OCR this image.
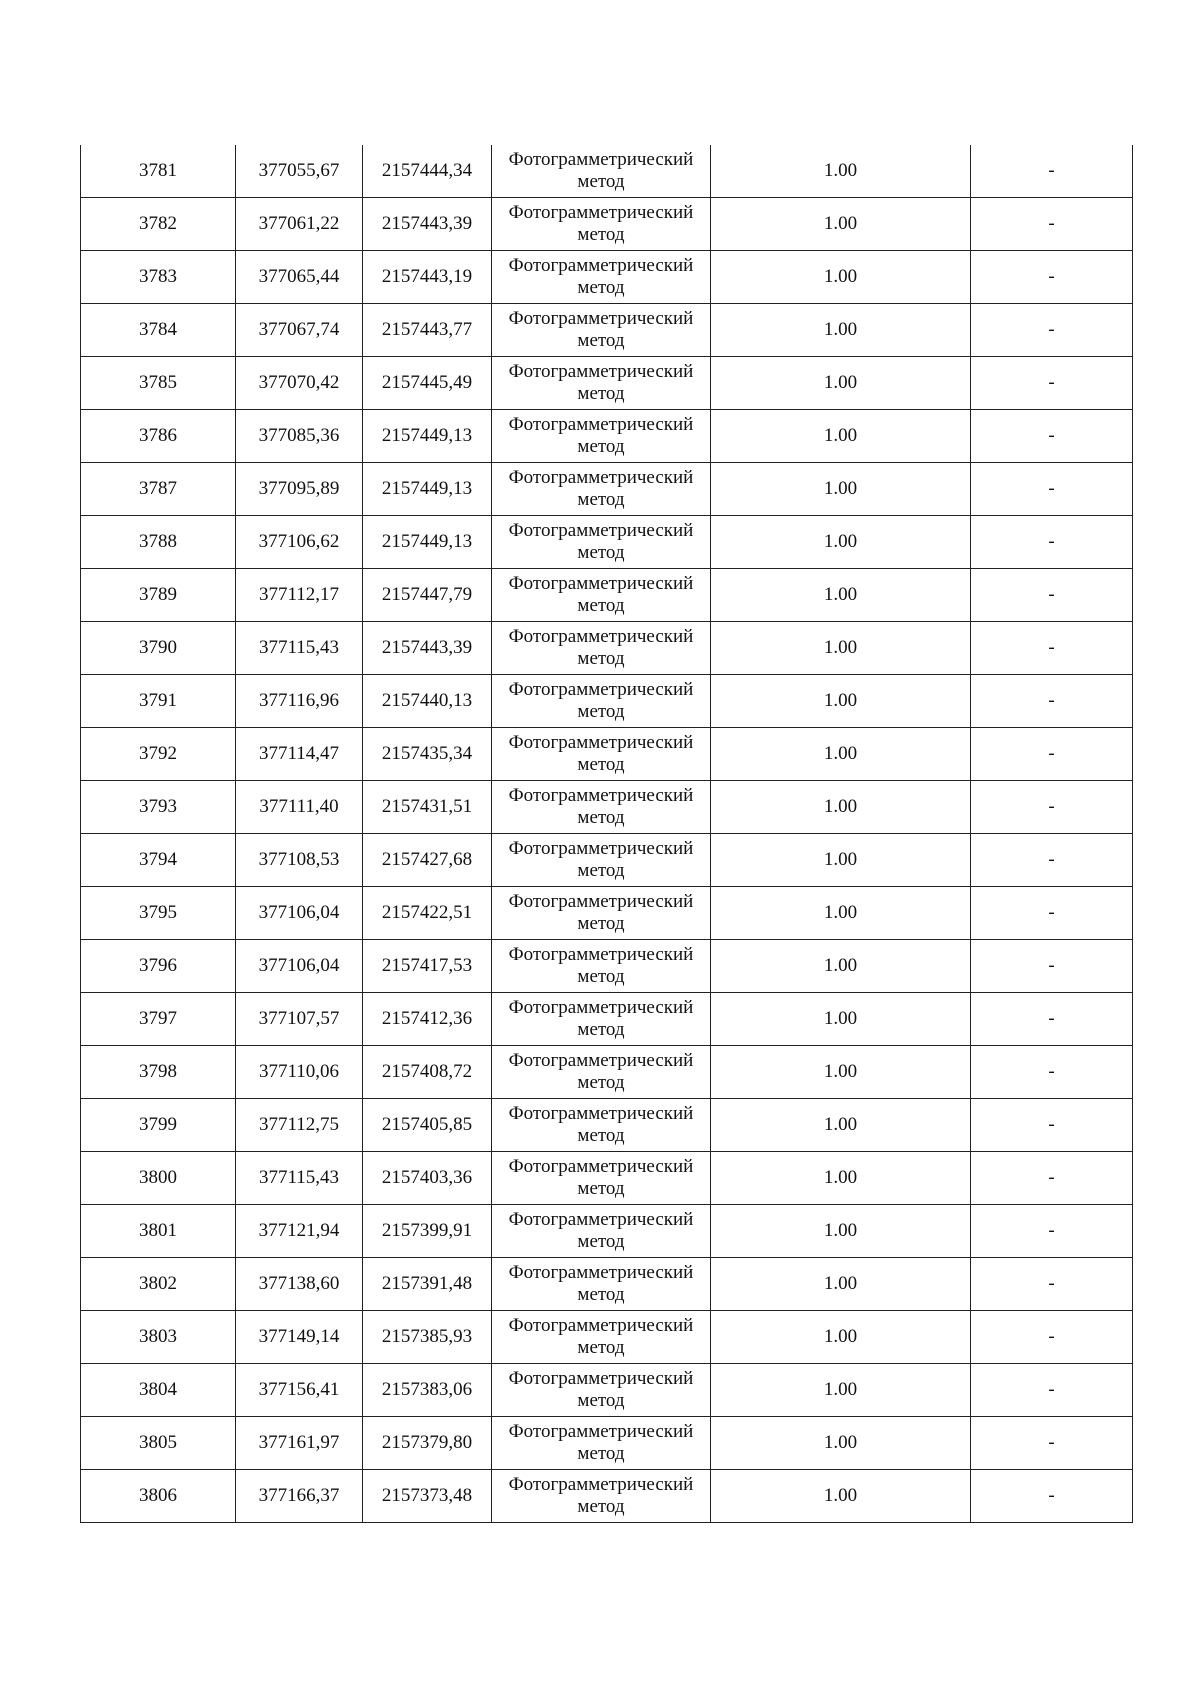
3781	377055,67	2157444,34	Фотограмметрический метод	1.00	-
3782	377061,22	2157443,39	Фотограмметрический метод	1.00	-
3783	377065,44	2157443,19	Фотограмметрический метод	1.00	-
3784	377067,74	2157443,77	Фотограмметрический метод	1.00	-
3785	377070,42	2157445,49	Фотограмметрический метод	1.00	-
3786	377085,36	2157449,13	Фотограмметрический метод	1.00	-
3787	377095,89	2157449,13	Фотограмметрический метод	1.00	-
3788	377106,62	2157449,13	Фотограмметрический метод	1.00	-
3789	377112,17	2157447,79	Фотограмметрический метод	1.00	-
3790	377115,43	2157443,39	Фотограмметрический метод	1.00	-
3791	377116,96	2157440,13	Фотограмметрический метод	1.00	-
3792	377114,47	2157435,34	Фотограмметрический метод	1.00	-
3793	377111,40	2157431,51	Фотограмметрический метод	1.00	-
3794	377108,53	2157427,68	Фотограмметрический метод	1.00	-
3795	377106,04	2157422,51	Фотограмметрический метод	1.00	-
3796	377106,04	2157417,53	Фотограмметрический метод	1.00	-
3797	377107,57	2157412,36	Фотограмметрический метод	1.00	-
3798	377110,06	2157408,72	Фотограмметрический метод	1.00	-
3799	377112,75	2157405,85	Фотограмметрический метод	1.00	-
3800	377115,43	2157403,36	Фотограмметрический метод	1.00	-
3801	377121,94	2157399,91	Фотограмметрический метод	1.00	-
3802	377138,60	2157391,48	Фотограмметрический метод	1.00	-
3803	377149,14	2157385,93	Фотограмметрический метод	1.00	-
3804	377156,41	2157383,06	Фотограмметрический метод	1.00	-
3805	377161,97	2157379,80	Фотограмметрический метод	1.00	-
3806	377166,37	2157373,48	Фотограмметрический метод	1.00	-
